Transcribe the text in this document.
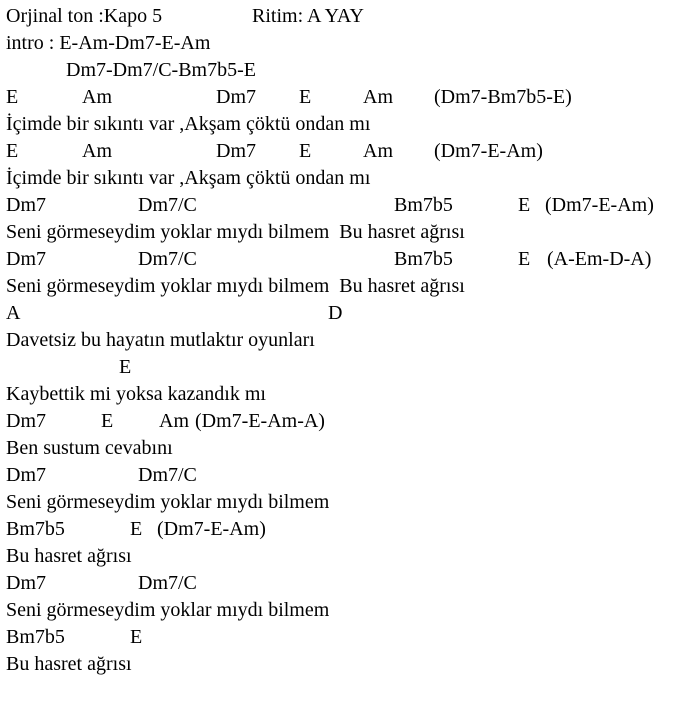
Orjinal ton :Kapo 5

	Ritim: A YAY

intro : E-Am-Dm7-E-Am

Dm7-Dm7/C-Bm7b5-E

E

	Am

	Dm7

E

	Am

(Dm7-Bm7b5-E)

İçimde bir sıkıntı var ,Akşam çöktü ondan mı

E

	Am

	Dm7

E

	Am

(Dm7-E-Am)

İçimde bir sıkıntı var ,Akşam çöktü ondan mı

Dm7

	Dm7/C

	Bm7b5

	E

(Dm7-E-Am)

Seni görmeseydim yoklar mıydı bilmem  Bu hasret ağrısı

Dm7

	Dm7/C

	Bm7b5

	E

(A-Em-D-A)

Seni görmeseydim yoklar mıydı bilmem  Bu hasret ağrısı

A

	D

Davetsiz bu hayatın mutlaktır oyunları

E

Kaybettik mi yoksa kazandık mı

Dm7

	E

Am

(Dm7-E-Am-A)

Ben sustum cevabını

Dm7

	Dm7/C

Seni görmeseydim yoklar mıydı bilmem

Bm7b5

	E

(Dm7-E-Am)

Bu hasret ağrısı

Dm7

	Dm7/C

Seni görmeseydim yoklar mıydı bilmem

Bm7b5

	E

Bu hasret ağrısı
